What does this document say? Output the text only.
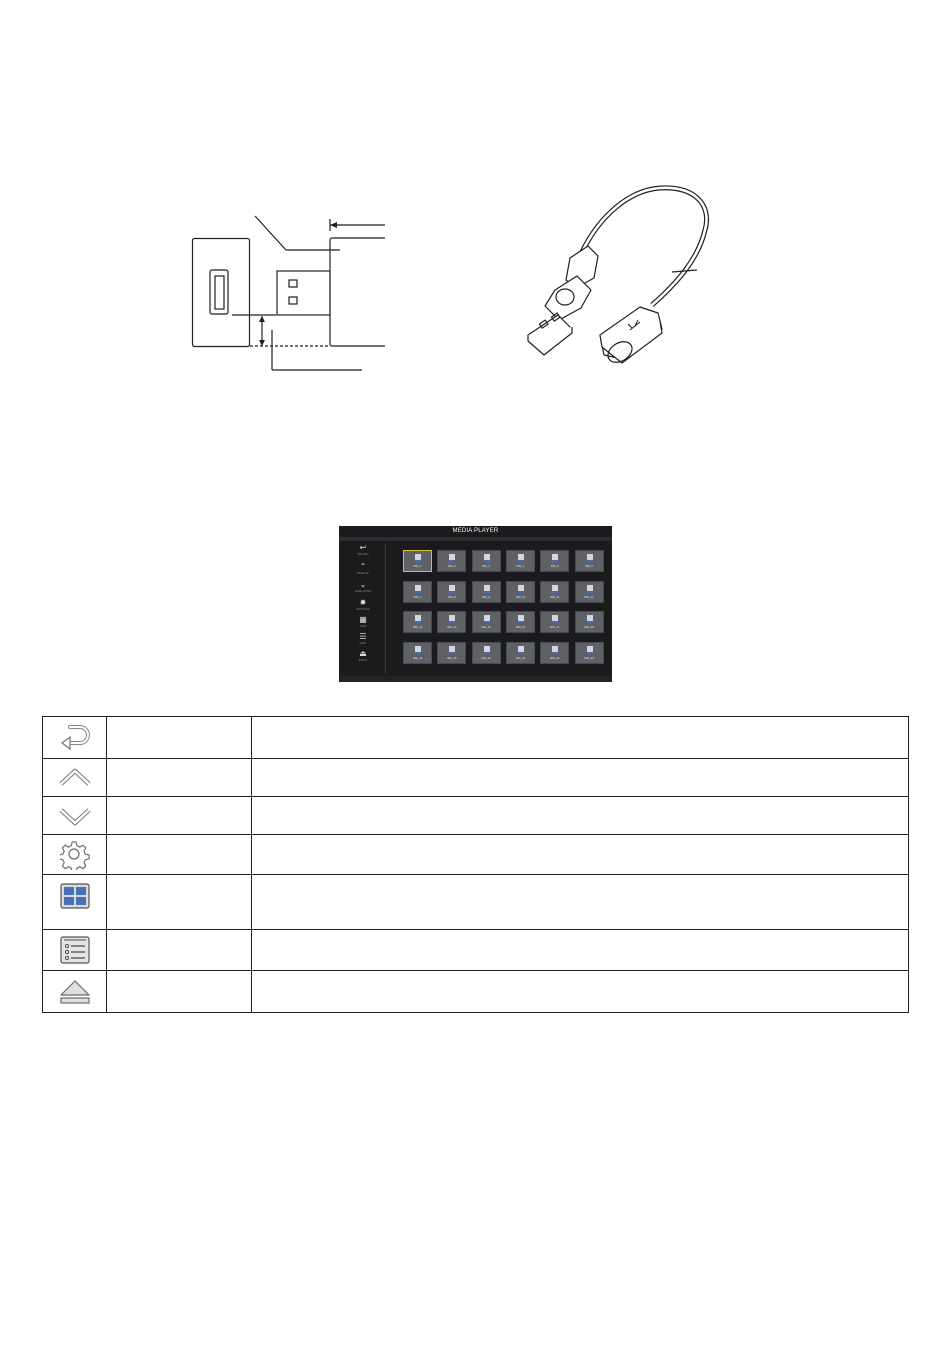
MEDIA PLAYER
↩
RETURN
⌃
PAGE UP
⌄
PAGE DOWN
✹
SETTINGS
▦
VIEW
☰
SORT
⏏
EJECT
IMG_1	IMG_2	IMG_3	IMG_4	IMG_5	IMG_6
IMG_7	IMG_8	IMG_9	IMG_10	IMG_11	IMG_12
IMG_13	IMG_14	IMG_15	IMG_16	IMG_17	IMG_18
IMG_19	IMG_20	IMG_21	IMG_22	IMG_23	IMG_24
